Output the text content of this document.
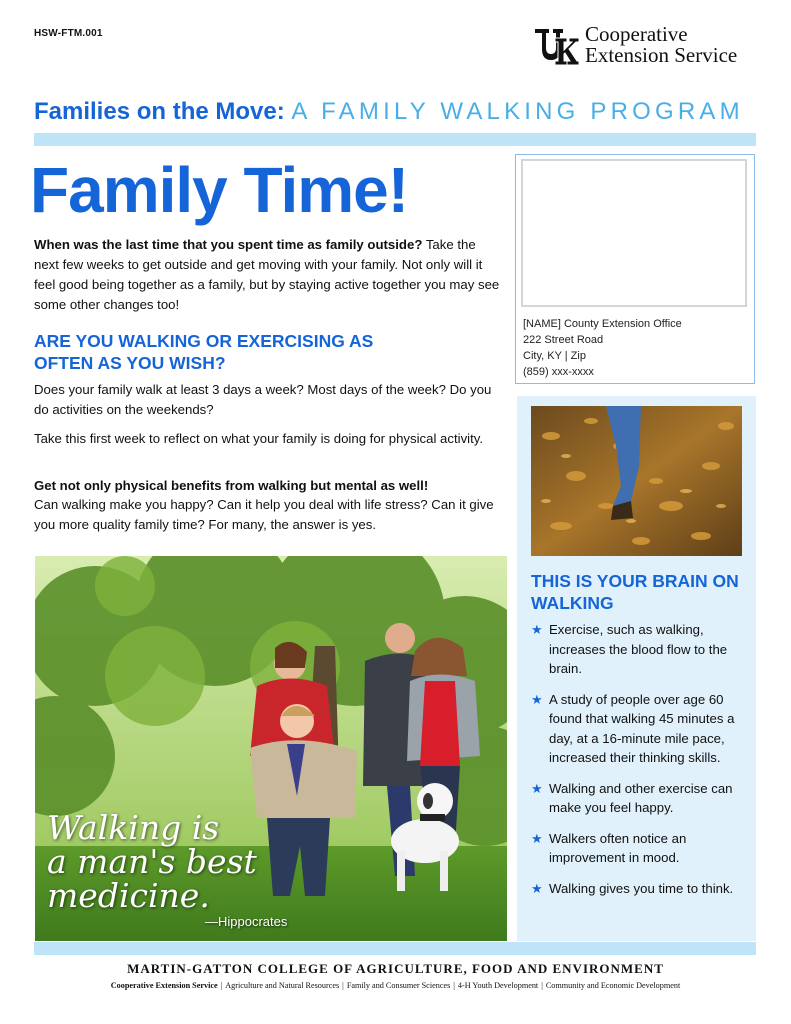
HSW-FTM.001	Cooperative
Extension Service
Families on the Move: A FAMILY WALKING PROGRAM
Family Time!
When was the last time that you spent time as family outside? Take the next few weeks to get outside and get moving with your family. Not only will it feel good being together as a family, but by staying active together you may see some other changes too!
ARE YOU WALKING OR EXERCISING AS OFTEN AS YOU WISH?
Does your family walk at least 3 days a week? Most days of the week? Do you do activities on the weekends?
Take this first week to reflect on what your family is doing for physical activity.
Get not only physical benefits from walking but mental as well!
Can walking make you happy? Can it help you deal with life stress? Can it give you more quality family time? For many, the answer is yes.
[NAME] County Extension Office
222 Street Road
City, KY | Zip
(859) xxx-xxxx
THIS IS YOUR BRAIN ON WALKING
★ Exercise, such as walking, increases the blood flow to the brain.
★ A study of people over age 60 found that walking 45 minutes a day, at a 16-minute mile pace, increased their thinking skills.
★ Walking and other exercise can make you feel happy.
★ Walkers often notice an improvement in mood.
★ Walking gives you time to think.
Walking is
a man's best
medicine.
—Hippocrates
MARTIN-GATTON COLLEGE OF AGRICULTURE, FOOD AND ENVIRONMENT
Cooperative Extension Service | Agriculture and Natural Resources | Family and Consumer Sciences | 4-H Youth Development | Community and Economic Development
